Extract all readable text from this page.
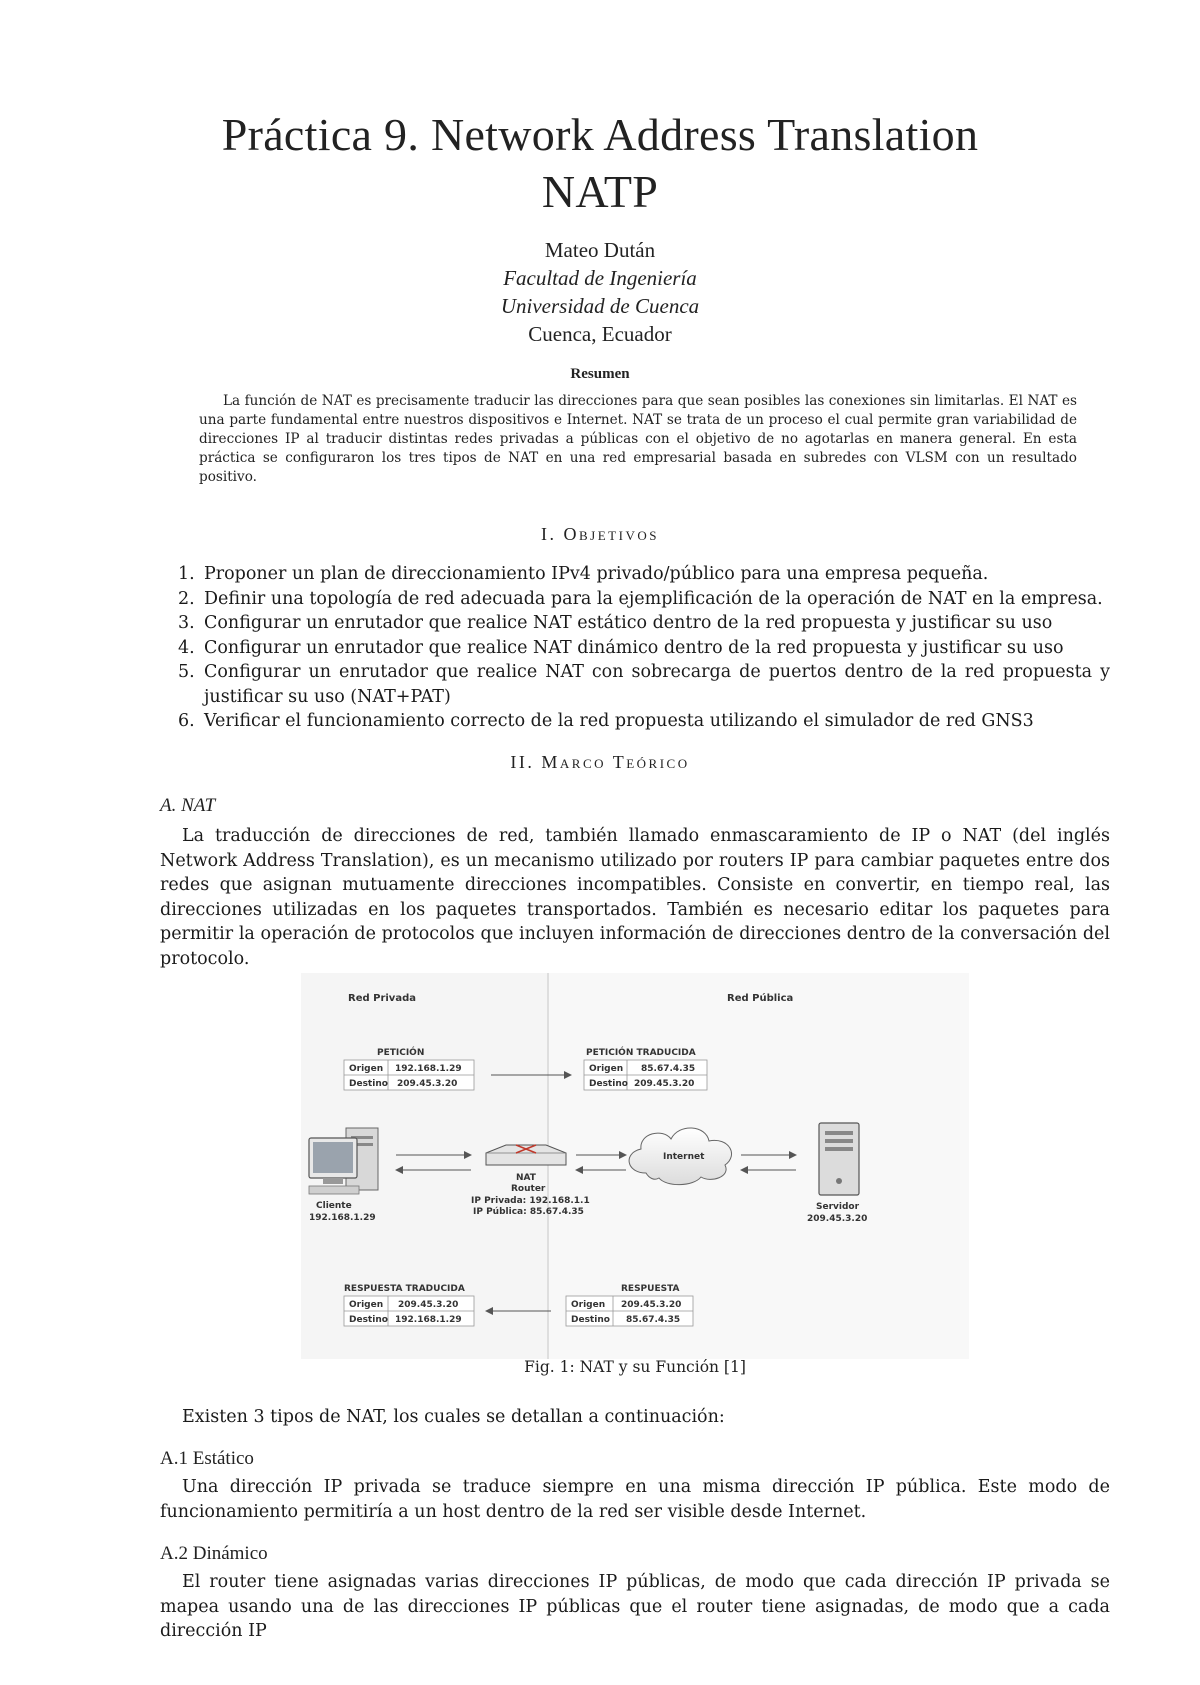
Práctica 9. Network Address Translation
NATP
Mateo Dután
Facultad de Ingeniería
Universidad de Cuenca
Cuenca, Ecuador
Resumen
La función de NAT es precisamente traducir las direcciones para que sean posibles las conexiones sin limitarlas. El NAT es una parte fundamental entre nuestros dispositivos e Internet. NAT se trata de un proceso el cual permite gran variabilidad de direcciones IP al traducir distintas redes privadas a públicas con el objetivo de no agotarlas en manera general. En esta práctica se configuraron los tres tipos de NAT en una red empresarial basada en subredes con VLSM con un resultado positivo.
I. Objetivos
1. Proponer un plan de direccionamiento IPv4 privado/público para una empresa pequeña.
2. Definir una topología de red adecuada para la ejemplificación de la operación de NAT en la empresa.
3. Configurar un enrutador que realice NAT estático dentro de la red propuesta y justificar su uso
4. Configurar un enrutador que realice NAT dinámico dentro de la red propuesta y justificar su uso
5. Configurar un enrutador que realice NAT con sobrecarga de puertos dentro de la red propuesta y justificar su uso (NAT+PAT)
6. Verificar el funcionamiento correcto de la red propuesta utilizando el simulador de red GNS3
II. Marco Teórico
A. NAT
La traducción de direcciones de red, también llamado enmascaramiento de IP o NAT (del inglés Network Address Translation), es un mecanismo utilizado por routers IP para cambiar paquetes entre dos redes que asignan mutuamente direcciones incompatibles. Consiste en convertir, en tiempo real, las direcciones utilizadas en los paquetes transportados. También es necesario editar los paquetes para permitir la operación de protocolos que incluyen información de direcciones dentro de la conversación del protocolo.
Red Privada	Red Pública
PETICIÓN
Origen
Destino
192.168.1.29
209.45.3.20
PETICIÓN TRADUCIDA
Origen
Destino
85.67.4.35
209.45.3.20
Cliente
192.168.1.29
NAT
Router
IP Privada: 192.168.1.1
IP Pública: 85.67.4.35
Internet
Servidor
209.45.3.20
RESPUESTA TRADUCIDA
Origen
Destino
209.45.3.20
192.168.1.29
RESPUESTA
Origen
Destino
209.45.3.20
85.67.4.35
Fig. 1: NAT y su Función [1]
Existen 3 tipos de NAT, los cuales se detallan a continuación:
A.1 Estático
Una dirección IP privada se traduce siempre en una misma dirección IP pública. Este modo de funcionamiento permitiría a un host dentro de la red ser visible desde Internet.
A.2 Dinámico
El router tiene asignadas varias direcciones IP públicas, de modo que cada dirección IP privada se mapea usando una de las direcciones IP públicas que el router tiene asignadas, de modo que a cada dirección IP
